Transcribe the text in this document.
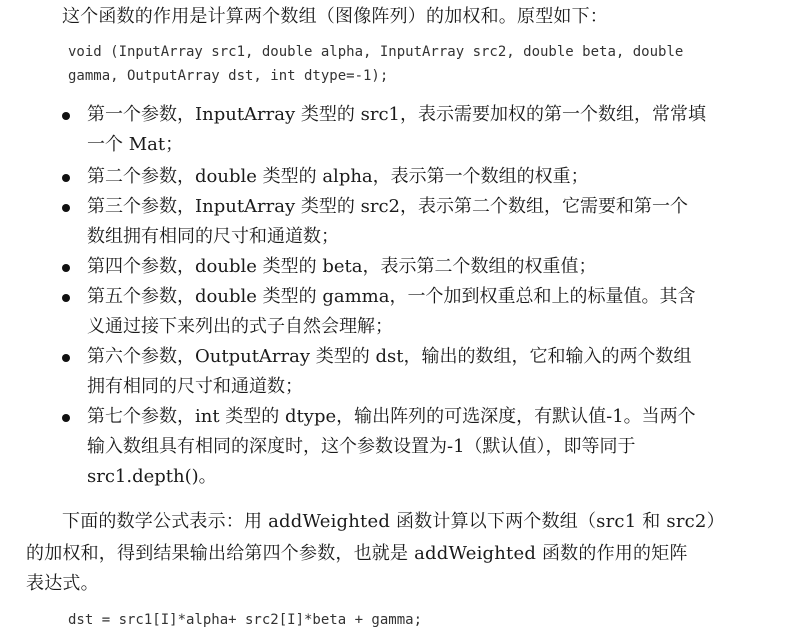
这个函数的作用是计算两个数组（图像阵列）的加权和。原型如下：
void (InputArray src1, double alpha, InputArray src2, double beta, double
gamma, OutputArray dst, int dtype=-1);
第一个参数，InputArray 类型的 src1，表示需要加权的第一个数组，常常填
一个 Mat；
第二个参数，double 类型的 alpha，表示第一个数组的权重；
第三个参数，InputArray 类型的 src2，表示第二个数组，它需要和第一个
数组拥有相同的尺寸和通道数；
第四个参数，double 类型的 beta，表示第二个数组的权重值；
第五个参数，double 类型的 gamma，一个加到权重总和上的标量值。其含
义通过接下来列出的式子自然会理解；
第六个参数，OutputArray 类型的 dst，输出的数组，它和输入的两个数组
拥有相同的尺寸和通道数；
第七个参数，int 类型的 dtype，输出阵列的可选深度，有默认值-1。当两个
输入数组具有相同的深度时，这个参数设置为-1（默认值），即等同于
src1.depth()。
下面的数学公式表示：用 addWeighted 函数计算以下两个数组（src1 和 src2）
的加权和，得到结果输出给第四个参数，也就是 addWeighted 函数的作用的矩阵
表达式。
dst = src1[I]*alpha+ src2[I]*beta + gamma;
